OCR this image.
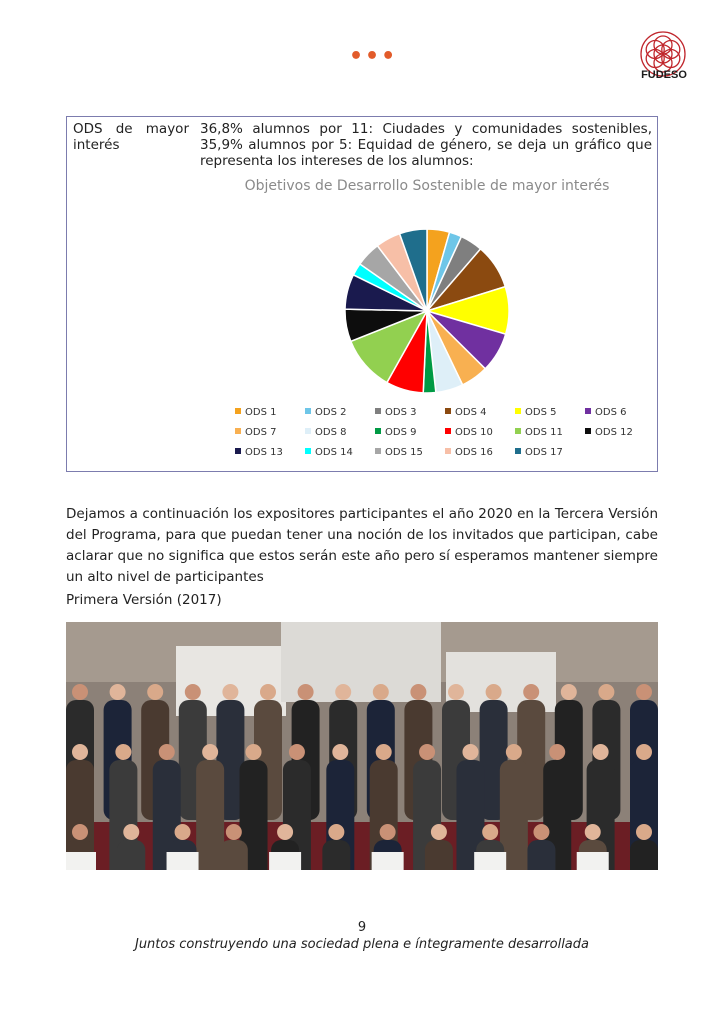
•••
FUDESO
ODS de mayor interés
36,8% alumnos por 11: Ciudades y comunidades sostenibles, 35,9% alumnos por 5: Equidad de género, se deja un gráfico que representa los intereses de los alumnos:
Objetivos de Desarrollo Sostenible de mayor interés
ODS 1	ODS 2	ODS 3	ODS 4	ODS 5	ODS 6
ODS 7	ODS 8	ODS 9	ODS 10	ODS 11	ODS 12
ODS 13	ODS 14	ODS 15	ODS 16	ODS 17
Dejamos a continuación los expositores participantes el año 2020 en la Tercera Versión del Programa, para que puedan tener una noción de los invitados que participan, cabe aclarar que no significa que estos serán este año pero sí esperamos mantener siempre un alto nivel de participantes
Primera Versión (2017)
9
Juntos construyendo una sociedad plena e íntegramente desarrollada
